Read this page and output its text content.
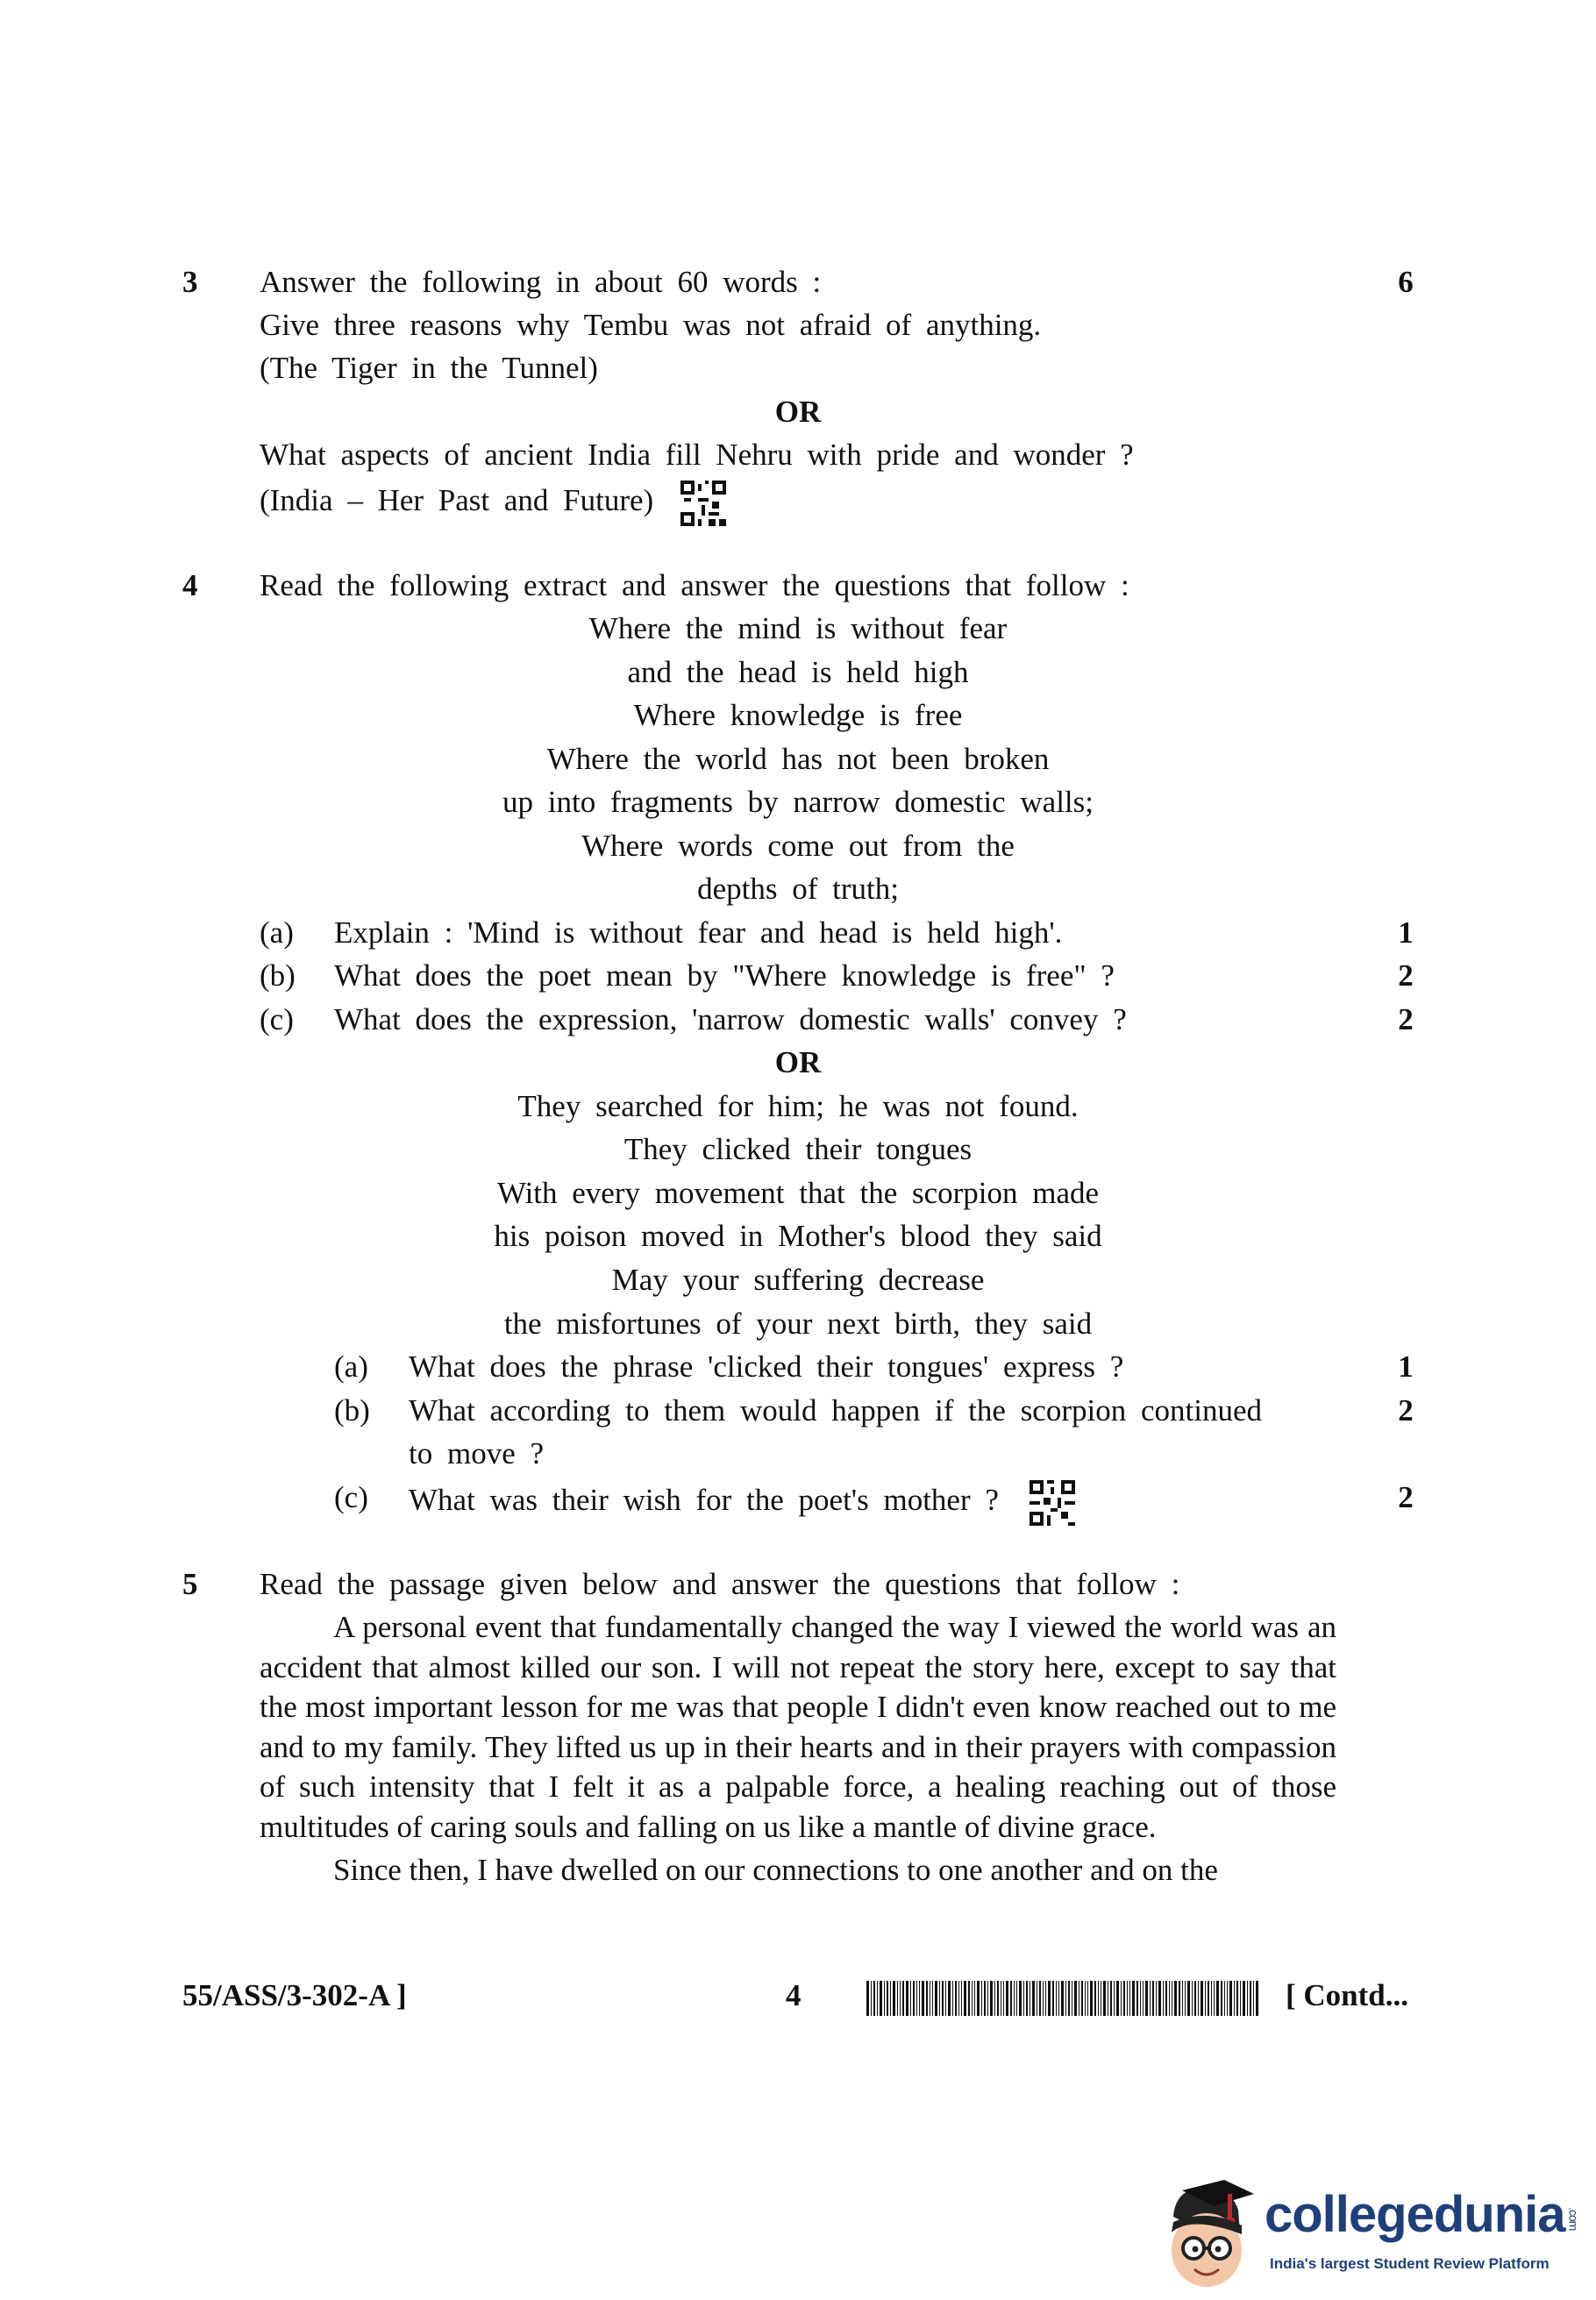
3 Answer the following in about 60 words :	6
Give three reasons why Tembu was not afraid of anything.
(The Tiger in the Tunnel)
OR
What aspects of ancient India fill Nehru with pride and wonder ?
(India – Her Past and Future)
4 Read the following extract and answer the questions that follow :
Where the mind is without fear
and the head is held high
Where knowledge is free
Where the world has not been broken
up into fragments by narrow domestic walls;
Where words come out from the
depths of truth;
(a) Explain : 'Mind is without fear and head is held high'.	1
(b) What does the poet mean by "Where knowledge is free" ?	2
(c) What does the expression, 'narrow domestic walls' convey ?	2
OR
They searched for him; he was not found.
They clicked their tongues
With every movement that the scorpion made
his poison moved in Mother's blood they said
May your suffering decrease
the misfortunes of your next birth, they said
(a) What does the phrase 'clicked their tongues' express ?	1
(b) What according to them would happen if the scorpion continued
to move ?
2
(c) What was their wish for the poet's mother ?	2
5 Read the passage given below and answer the questions that follow :

A personal event that fundamentally changed the way I viewed the world was an accident that almost killed our son. I will not repeat the story here, except to say that the most important lesson for me was that people I didn't even know reached out to me and to my family. They lifted us up in their hearts and in their prayers with compassion of such intensity that I felt it as a palpable force, a healing reaching out of those multitudes of caring souls and falling on us like a mantle of divine grace.

Since then, I have dwelled on our connections to one another and on the

55/ASS/3-302-A ]	4	[ Contd...
collegedunia .com
India's largest Student Review Platform
